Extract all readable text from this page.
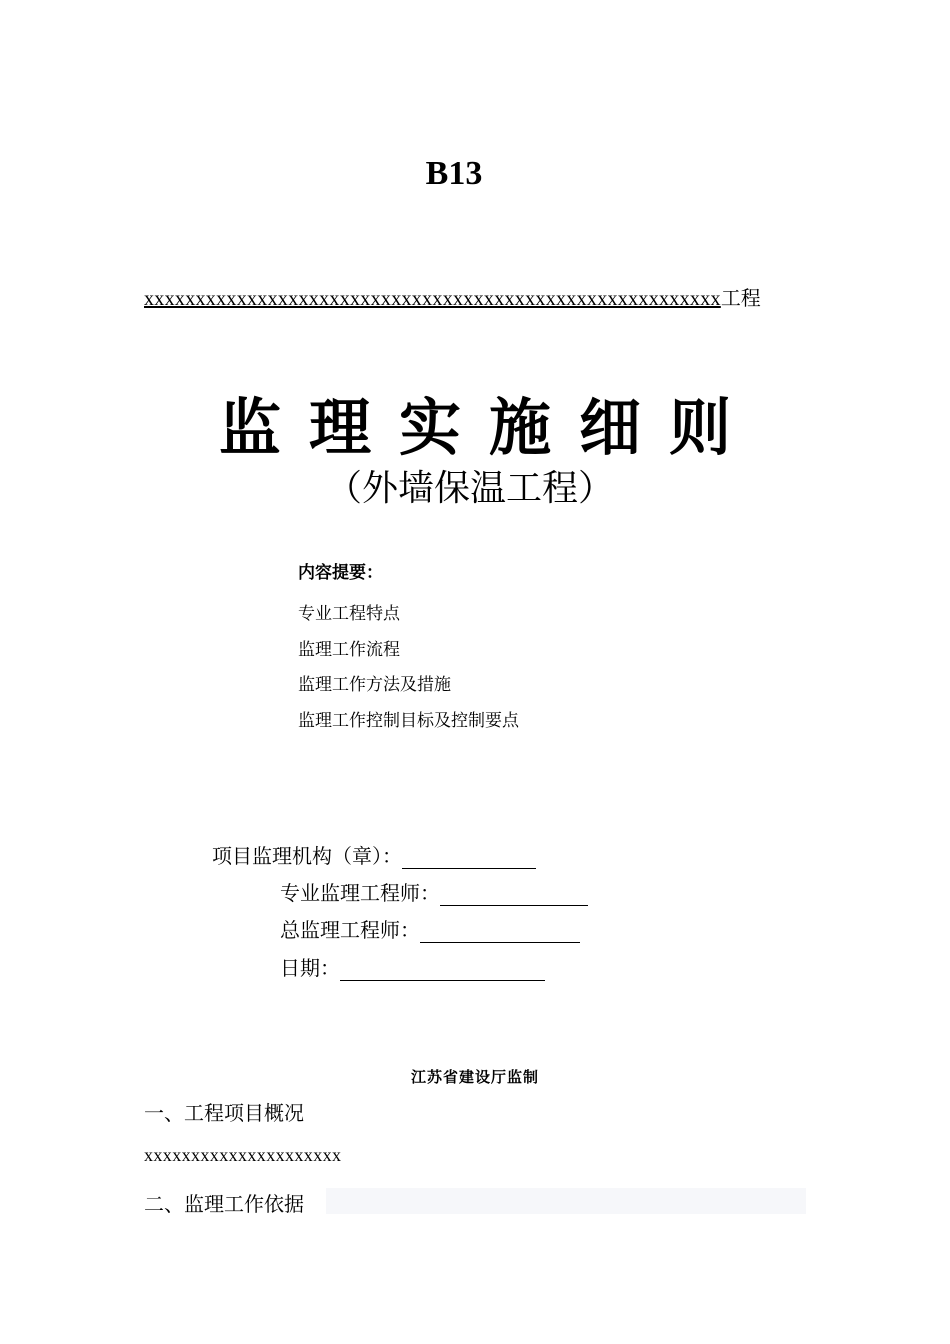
B13
xxxxxxxxxxxxxxxxxxxxxxxxxxxxxxxxxxxxxxxxxxxxxxxxxxxxxxxx工程
监理实施细则
（外墙保温工程）
内容提要：
专业工程特点
监理工作流程
监理工作方法及措施
监理工作控制目标及控制要点
项目监理机构（章）：
专业监理工程师：
总监理工程师：
日期：
江苏省建设厅监制
一、工程项目概况
xxxxxxxxxxxxxxxxxxxxx
二、监理工作依据
